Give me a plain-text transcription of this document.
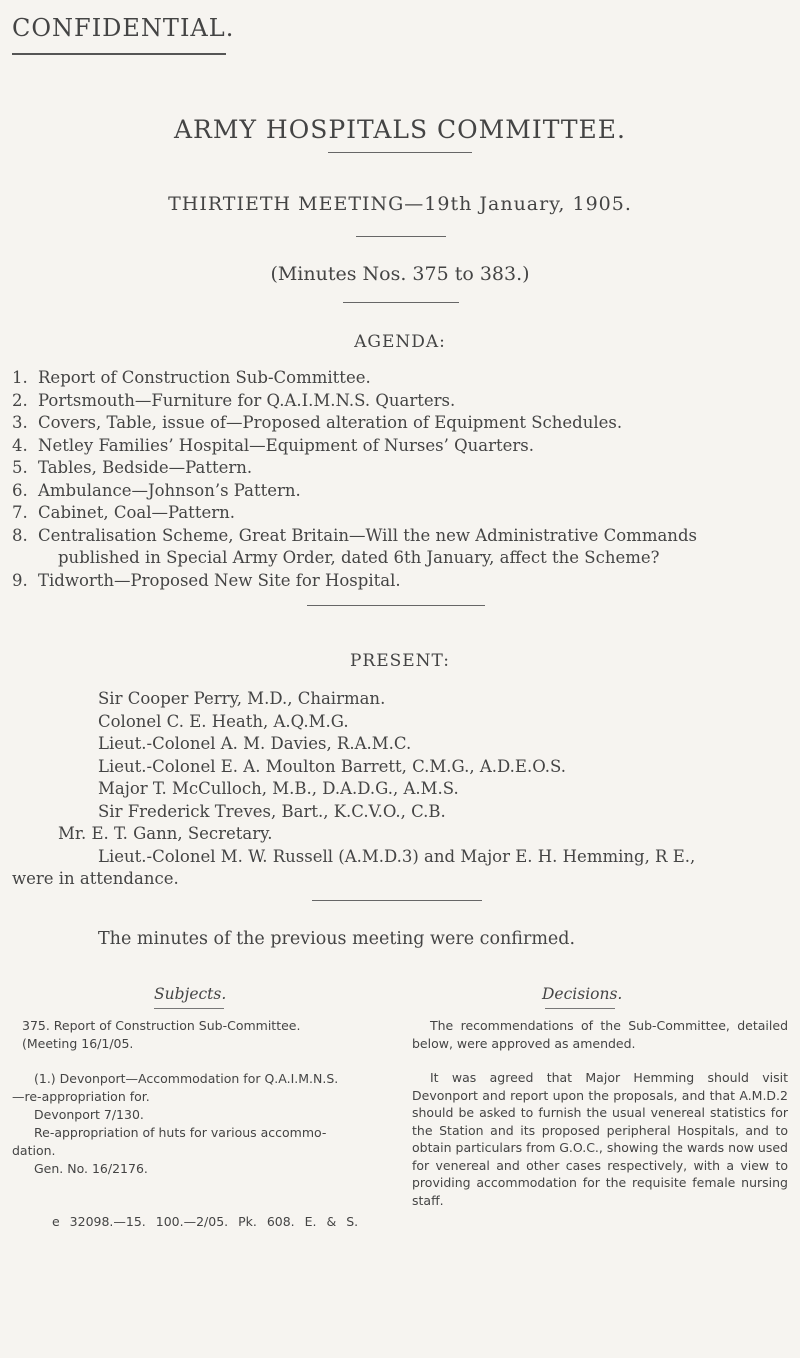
CONFIDENTIAL.
ARMY HOSPITALS COMMITTEE.
THIRTIETH MEETING—19th January, 1905.
(Minutes Nos. 375 to 383.)
AGENDA:
1. Report of Construction Sub-Committee.
2. Portsmouth—Furniture for Q.A.I.M.N.S. Quarters.
3. Covers, Table, issue of—Proposed alteration of Equipment Schedules.
4. Netley Families’ Hospital—Equipment of Nurses’ Quarters.
5. Tables, Bedside—Pattern.
6. Ambulance—Johnson’s Pattern.
7. Cabinet, Coal—Pattern.
8. Centralisation Scheme, Great Britain—Will the new Administrative Commands
published in Special Army Order, dated 6th January, affect the Scheme?
9. Tidworth—Proposed New Site for Hospital.
PRESENT:
Sir Cooper Perry, M.D., Chairman.
Colonel C. E. Heath, A.Q.M.G.
Lieut.-Colonel A. M. Davies, R.A.M.C.
Lieut.-Colonel E. A. Moulton Barrett, C.M.G., A.D.E.O.S.
Major T. McCulloch, M.B., D.A.D.G., A.M.S.
Sir Frederick Treves, Bart., K.C.V.O., C.B.
Mr. E. T. Gann, Secretary.
Lieut.-Colonel M. W. Russell (A.M.D.3) and Major E. H. Hemming, R E.,
were in attendance.
The minutes of the previous meeting were confirmed.
Subjects.	Decisions.
375. Report of Construction Sub-Committee.
(Meeting 16/1/05.
(1.) Devonport—Accommodation for Q.A.I.M.N.S.
—re-appropriation for.
Devonport 7/130.
Re-appropriation of huts for various accommo-
dation.
Gen. No. 16/2176.

The recommendations of the Sub-Committee, detailed below, were approved as amended.

It was agreed that Major Hemming should visit Devonport and report upon the proposals, and that A.M.D.2 should be asked to furnish the usual venereal statistics for the Station and its proposed peripheral Hospitals, and to obtain particulars from G.O.C., showing the wards now used for venereal and other cases respectively, with a view to providing accommodation for the requisite female nursing staff.

e 32098.—15. 100.—2/05. Pk. 608. E. & S.
